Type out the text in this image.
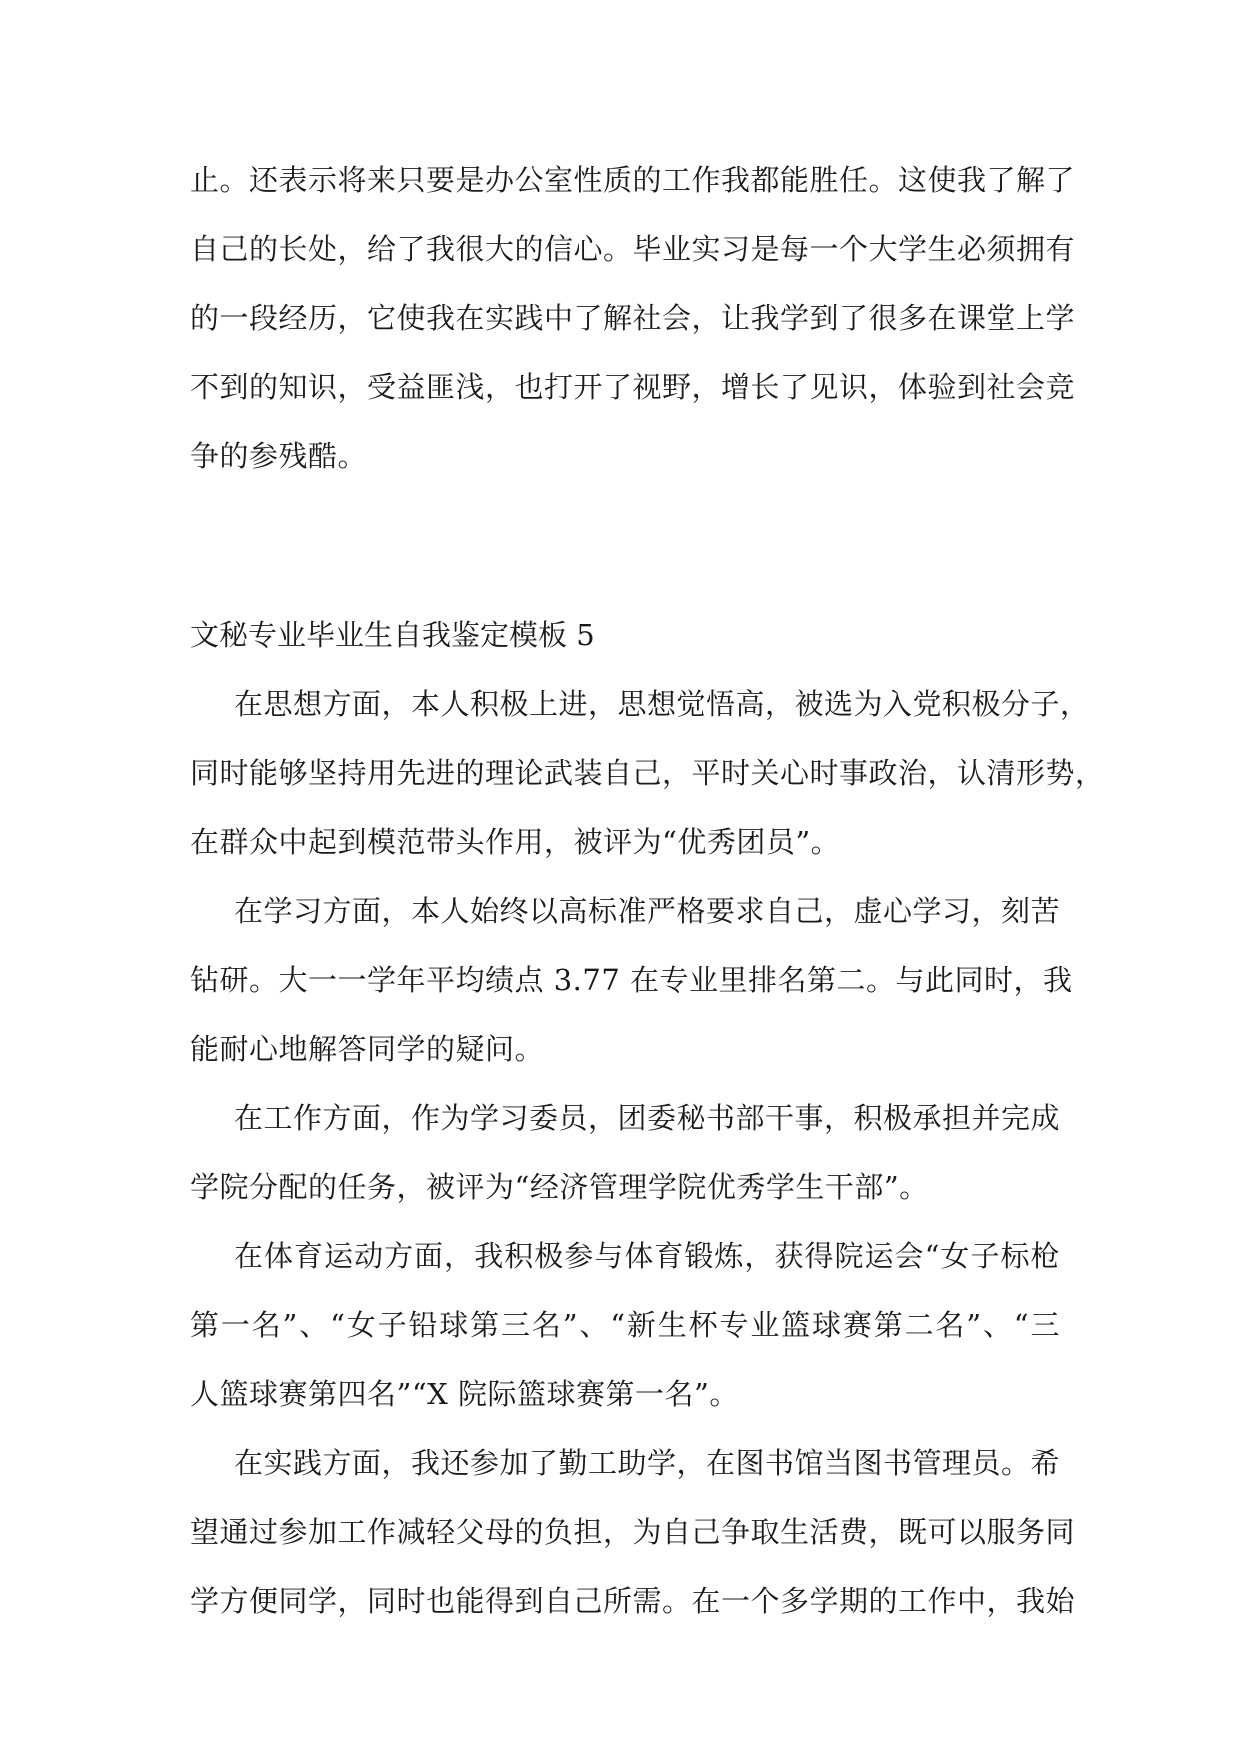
止。还表示将来只要是办公室性质的工作我都能胜任。这使我了解了
自己的长处，给了我很大的信心。毕业实习是每一个大学生必须拥有
的一段经历，它使我在实践中了解社会，让我学到了很多在课堂上学
不到的知识，受益匪浅，也打开了视野，增长了见识，体验到社会竞
争的参残酷。
文秘专业毕业生自我鉴定模板 5
在思想方面，本人积极上进，思想觉悟高，被选为入党积极分子，
同时能够坚持用先进的理论武装自己，平时关心时事政治，认清形势，
在群众中起到模范带头作用，被评为“优秀团员”。
在学习方面，本人始终以高标准严格要求自己，虚心学习，刻苦
钻研。大一一学年平均绩点 3.77 在专业里排名第二。与此同时，我
能耐心地解答同学的疑问。
在工作方面，作为学习委员，团委秘书部干事，积极承担并完成
学院分配的任务，被评为“经济管理学院优秀学生干部”。
在体育运动方面，我积极参与体育锻炼，获得院运会“女子标枪
第一名”、“女子铅球第三名”、“新生杯专业篮球赛第二名”、“三
人篮球赛第四名”“X 院际篮球赛第一名”。
在实践方面，我还参加了勤工助学，在图书馆当图书管理员。希
望通过参加工作减轻父母的负担，为自己争取生活费，既可以服务同
学方便同学，同时也能得到自己所需。在一个多学期的工作中，我始
